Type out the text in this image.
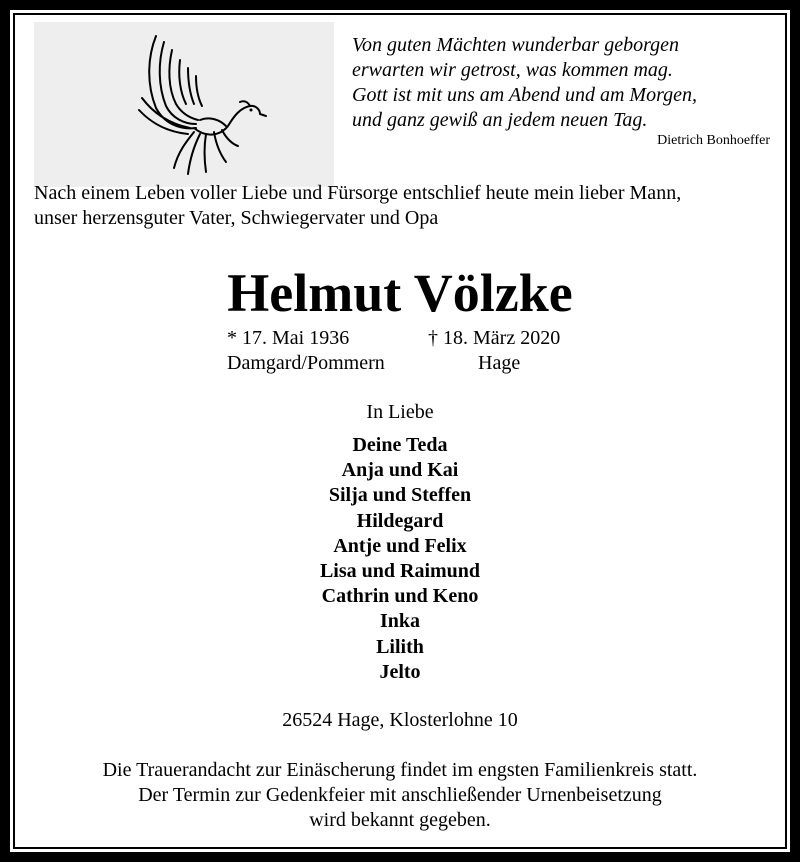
Von guten Mächten wunderbar geborgen
erwarten wir getrost, was kommen mag.
Gott ist mit uns am Abend und am Morgen,
und ganz gewiß an jedem neuen Tag.
Dietrich Bonhoeffer
Nach einem Leben voller Liebe und Fürsorge entschlief heute mein lieber Mann,
unser herzensguter Vater, Schwiegervater und Opa
Helmut Völzke
* 17. Mai 1936
Damgard/Pommern
† 18. März 2020
Hage
In Liebe
Deine Teda
Anja und Kai
Silja und Steffen
Hildegard
Antje und Felix
Lisa und Raimund
Cathrin und Keno
Inka
Lilith
Jelto
26524 Hage, Klosterlohne 10
Die Trauerandacht zur Einäscherung findet im engsten Familienkreis statt.
Der Termin zur Gedenkfeier mit anschließender Urnenbeisetzung
wird bekannt gegeben.
